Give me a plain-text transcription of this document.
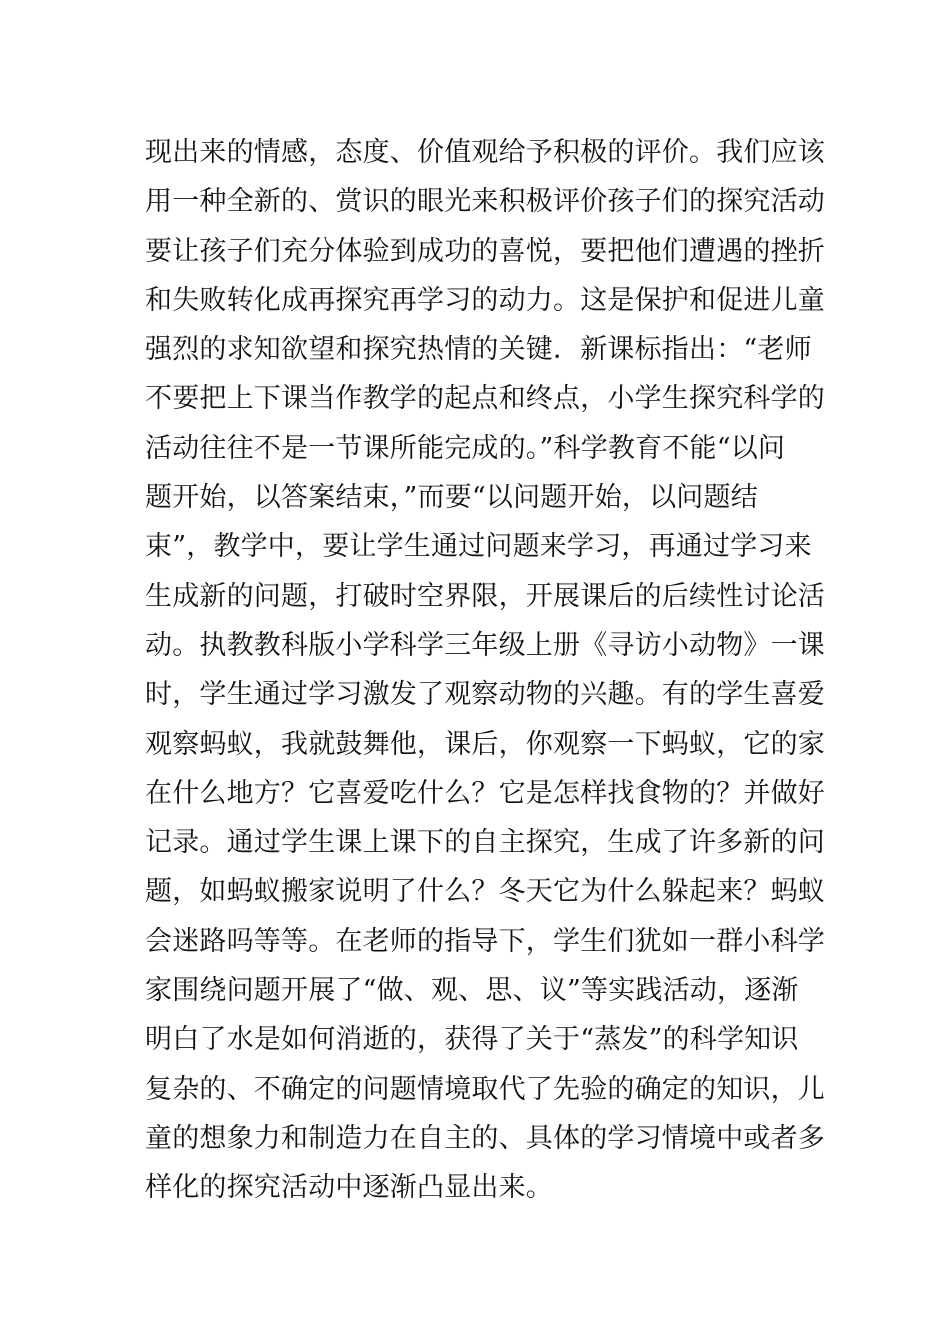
现出来的情感，态度、价值观给予积极的评价。我们应该
用一种全新的、赏识的眼光来积极评价孩子们的探究活动
要让孩子们充分体验到成功的喜悦，要把他们遭遇的挫折
和失败转化成再探究再学习的动力。这是保护和促进儿童
强烈的求知欲望和探究热情的关键．新课标指出：“老师
不要把上下课当作教学的起点和终点，小学生探究科学的
活动往往不是一节课所能完成的。”科学教育不能“以问
题开始，以答案结束，”而要“以问题开始，以问题结
束”，教学中，要让学生通过问题来学习，再通过学习来
生成新的问题，打破时空界限，开展课后的后续性讨论活
动。执教教科版小学科学三年级上册《寻访小动物》一课
时，学生通过学习激发了观察动物的兴趣。有的学生喜爱
观察蚂蚁，我就鼓舞他，课后，你观察一下蚂蚁，它的家
在什么地方？它喜爱吃什么？它是怎样找食物的？并做好
记录。通过学生课上课下的自主探究，生成了许多新的问
题，如蚂蚁搬家说明了什么？冬天它为什么躲起来？蚂蚁
会迷路吗等等。在老师的指导下，学生们犹如一群小科学
家围绕问题开展了“做、观、思、议”等实践活动，逐渐
明白了水是如何消逝的，获得了关于“蒸发”的科学知识
复杂的、不确定的问题情境取代了先验的确定的知识，儿
童的想象力和制造力在自主的、具体的学习情境中或者多
样化的探究活动中逐渐凸显出来。
